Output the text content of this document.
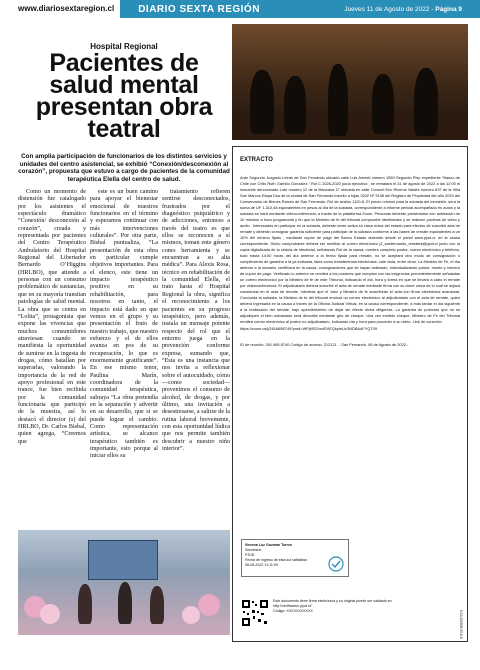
www.diariosextaregion.cl	DIARIO SEXTA REGIÓN	Jueves 11 de Agosto de 2022 - Página 9
Hospital Regional
Pacientes de salud mental presentan obra teatral
Con amplia participación de funcionarios de los distintos servicios y unidades del centro asistencial, se exhibió “Conexión/desconexión al corazón”, propuesta que estuvo a cargo de pacientes de la comunidad terapéutica Elella del centro de salud.

Como un momento de distensión fue catalogado por los asistentes el espectáculo dramático “Conexión/ desconexión al corazón”, creada y representada por pacientes del Centro Terapéutico Ambulatorio del Hospital Regional del Libertador Bernardo O’Higgins (HRLBO), que atiende a personas con un consumo problemático de sustancias, que en su mayoría transitan patologías de salud mental. La obra que se centra en “Lolita”, protagonista que expone las vivencias que muchos consumidores atraviesan cuando se manifiesta la oportunidad de sumirse en la ingesta de drogas, cómo batallan por superarlas, valorando la importancia de la red de apoyo profesional en este trance, fue bien recibida por la comunidad funcionaria que participó de la muestra, así lo destacó el director (s) del HRLBO, Dr. Carlos Bisbal, quien agrega, “Creemos que

este es un buen camino para apoyar el bienestar emocional de nuestros funcionarios en el término y esperamos continuar con más intervenciones culturales”. Por otra parte, Bisbal puntualiza, “La presentación de esta obra en particular cumple objetivos importantes. Para el elenco, este tiene un impacto terapéutico positivo en su rehabilitación, para nosotros en tanto, el impacto está dado en que vemos en el grupo y su presentación el fruto de nuestro trabajo, que nuestro esfuerzo y el de ellos avanza en pos de su recuperación, lo que es enormemente gratificante”. En ese mismo tenor, Paulina Marín, coordinadora de la comunidad terapéutica, subraya “La obra pretendía en la separación y advertir en su desarrollo, que si se puede lograr el cambio. Como representación artística, se alcance terapéutico también es importante, esto porque al iniciar ellos su

tratamiento refieren sentirse desconectados, frustrados por el diagnóstico psiquiátrico y de adicciones, entonces a través del teatro es que ellos se reconocen a sí mismos, toman ente género como herramienta y se encuentran a su alta médica”. Para Alexis Rosa, técnico en rehabilitación de la comunidad Elella, el trato hasta el Hospital Regional la obra, significa el reconocimiento a los pacientes en su progreso terapéutico, pero además, instala un mensaje potente respecto del rol que el entorno juega en la prevención conforme expresa, sumando que, “Esta es una instancia que nos invita a reflexionar sobre el autocuidado, cómo —como sociedad— prevenimos el consumo de alcohol, de drogas, y por último, una invitación a desestresarse, a salirse de la rutina laboral brevemente, con esta oportunidad lúdica que nos permite también descubrir a nuestro niño interior”.

EXTRACTO
Ante Segundo Juzgado Letras de San Fernando ubicado calle Luis Amesti número 1550 Segundo Piso expediente “Banco de Chile con Celis Ruth Garrido Gonzalez ” Rol C-1026-2020 juicio ejecutivo , se rematará el 31 de agosto de 2022 a las 12:00 el inmueble denominado Lote número 12 de la Manzana 17 ubicada en calle Coronel Eric Riveros Valdés número 837 de la Villa San Marcos Etapa Dos de la ciudad de San Fernando inscrito a fojas 3202 Nº 3158 del Registro de Propiedad del año 2019 del Conservador de Bienes Raíces de San Fernando. Rol de avalúo 1120-6. El precio mínimo para la subasta del inmueble, será la suma de UF 1.310,48 equivalentes en pesos al día de la subasta, correspondiente a informe pericial acompañado en autos y la subasta se hará mediante videoconferencia, a través de la plataforma Zoom. Personas deberán presentarse con antelación de 10 minutos a hora programada y fin que la Ministro de fe del tribunal compruebe identidades y se realicen pruebas de video y audio . Interesados en participar en la subasta, deberán tener activa su clave única del estado para efectos de suscribir acta de remate y deberán consignar garantía suficiente para participar de la subasta conforme a las bases de remate equivalentes a un 10% del mínimo fijado , mediante cupón de pago del Banco Estado obtenido desde el portal www.pjud.cl, en la causa correspondiente. Dicho comprobante deberá ser remitido al correo electrónico j2_sanfernando_remates@pjud.cl junto con la copia digitalizada de la cédula de identidad, señalando Rol de la causa, nombre completo postor, correo electrónico y teléfono, todo hasta 14:00 horas del día anterior a la fecha fijada para remate, no se aceptará otro modo de consignación o cumplimiento de garantía a la ya indicada, tales como transferencia electrónica, vale vista, entre otros. La Ministro de Fe, el día anterior a la subasta, certificará en la causa, consignaciones que se hayan realizado, individualizando postor, monto y número de cupón de pago. Verificado lo anterior se remitirá a los postores que cumplan con las exigencias precedentemente señaladas un correo electrónico por la Ministro de fe de este Tribunal, indicando el día, hora y forma en que se llevará a cabo el remate por videoconferencia. El adjudicatario deberá suscribir el acta de remate mediante firma con su clave única de lo cual se dejará constancia en el acta de remate, mientras que el Juez y Ministro de fe suscribirán el acta con firma electrónica avanzada. Concluida la subasta, la Ministro de fe del tribunal enviará un correo electrónico al adjudicatario con el acta de remate, quien deberá ingresarla en la causa a través de la Oficina Judicial Virtual, en la causa correspondiente, a más tardar el día siguiente a la realización del remate, bajo apercibimiento de dejar sin efecto dicha diligencia. La garantía de postores que no se adjudiquen el bien subastado será devuelta mediante giro de cheque. Una vez emitido cheque, Ministro de Fe del Tribunal remitirá correo electrónico al postor no adjudicatario, indicando día y hora para proceder a su retiro. Link de conexión
https://zoom.us/j/2616658749?pwd=WFjMS2hxdDVEQkpIeUc3NDB4clFYQT09
ID de reunión: 261 665 8740 Código de acceso: 212121 .- San Fernando, 08 de Agosto de 2022.-
Ximena Luz Guzmán Torres
Secretario
PJUD
Fecha de ingreso de esta sol satisfaba:
08-08-2022 11:11:09
Este documento tiene firma electrónica y su original puede ser validado en
http://verificadoc.pjud.cl/
Código: XXXXXXXXXXX	V-10-220809-05-8-8
